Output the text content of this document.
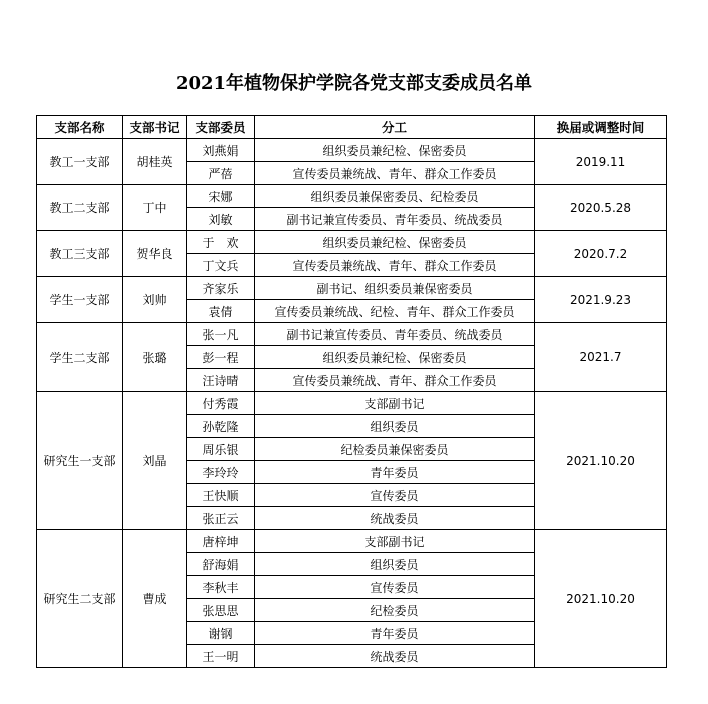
2021年植物保护学院各党支部支委成员名单
支部名称	支部书记	支部委员	分工	换届或调整时间
教工一支部	胡桂英	刘燕娟	组织委员兼纪检、保密委员	2019.11
		严蓓	宣传委员兼统战、青年、群众工作委员	
教工二支部	丁中	宋娜	组织委员兼保密委员、纪检委员	2020.5.28
		刘敏	副书记兼宣传委员、青年委员、统战委员	
教工三支部	贺华良	于　欢	组织委员兼纪检、保密委员	2020.7.2
		丁文兵	宣传委员兼统战、青年、群众工作委员	
学生一支部	刘帅	齐家乐	副书记、组织委员兼保密委员	2021.9.23
		袁倩	宣传委员兼统战、纪检、青年、群众工作委员	
学生二支部	张璐	张一凡	副书记兼宣传委员、青年委员、统战委员	2021.7
		彭一程	组织委员兼纪检、保密委员	
		汪诗晴	宣传委员兼统战、青年、群众工作委员	
研究生一支部	刘晶	付秀霞	支部副书记	2021.10.20
		孙乾隆	组织委员	
		周乐银	纪检委员兼保密委员	
		李玲玲	青年委员	
		王快顺	宣传委员	
		张正云	统战委员	
研究生二支部	曹成	唐梓坤	支部副书记	2021.10.20
		舒海娟	组织委员	
		李秋丰	宣传委员	
		张思思	纪检委员	
		谢钢	青年委员	
		王一明	统战委员	
